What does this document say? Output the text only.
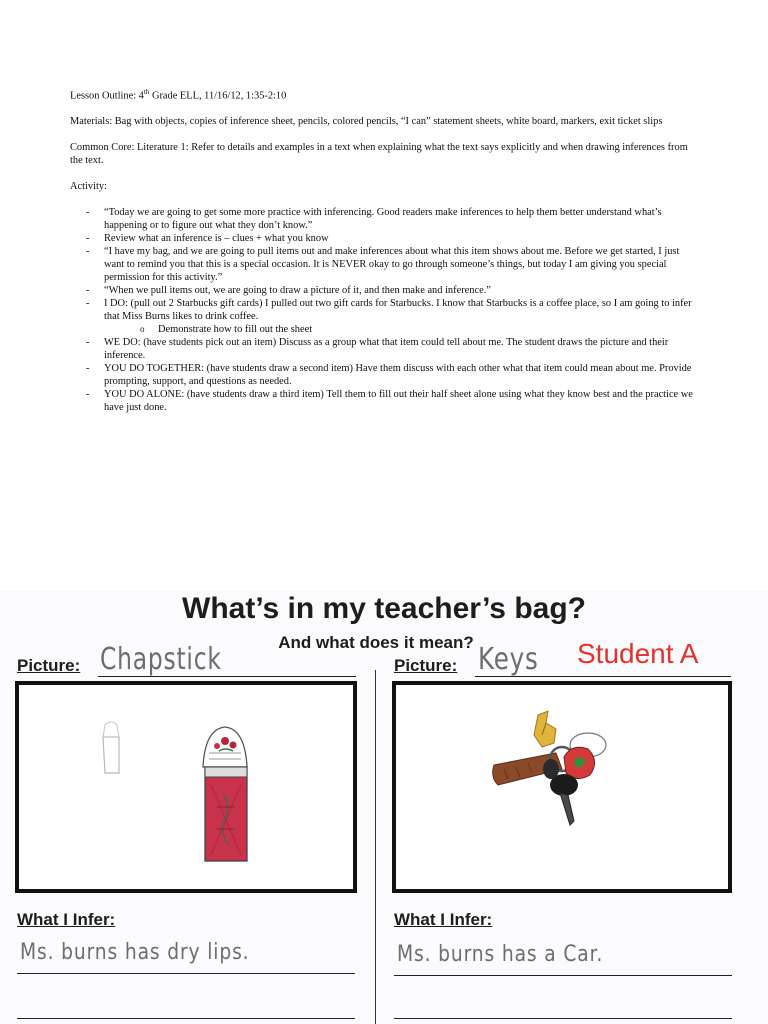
Lesson Outline: 4th Grade ELL, 11/16/12, 1:35-2:10

Materials: Bag with objects, copies of inference sheet, pencils, colored pencils, “I can” statement sheets, white board, markers, exit ticket slips

Common Core: Literature 1: Refer to details and examples in a text when explaining what the text says explicitly and when drawing inferences from the text.

Activity:

- “Today we are going to get some more practice with inferencing. Good readers make inferences to help them better understand what’s happening or to figure out what they don’t know.”
- Review what an inference is – clues + what you know
- “I have my bag, and we are going to pull items out and make inferences about what this item shows about me. Before we get started, I just want to remind you that this is a special occasion. It is NEVER okay to go through someone’s things, but today I am giving you special permission for this activity.”
- “When we pull items out, we are going to draw a picture of it, and then make and inference.”
- I DO: (pull out 2 Starbucks gift cards) I pulled out two gift cards for Starbucks. I know that Starbucks is a coffee place, so I am going to infer that Miss Burns likes to drink coffee.
o Demonstrate how to fill out the sheet
- WE DO: (have students pick out an item) Discuss as a group what that item could tell about me. The student draws the picture and their inference.
- YOU DO TOGETHER: (have students draw a second item) Have them discuss with each other what that item could mean about me. Provide prompting, support, and questions as needed.
- YOU DO ALONE: (have students draw a third item) Tell them to fill out their half sheet alone using what they know best and the practice we have just done.
What’s in my teacher’s bag?
And what does it mean?	Student A
Picture: Chapstick
What I Infer:
Ms. burns has dry lips.
Picture: Keys
What I Infer:
Ms. burns has a Car.
